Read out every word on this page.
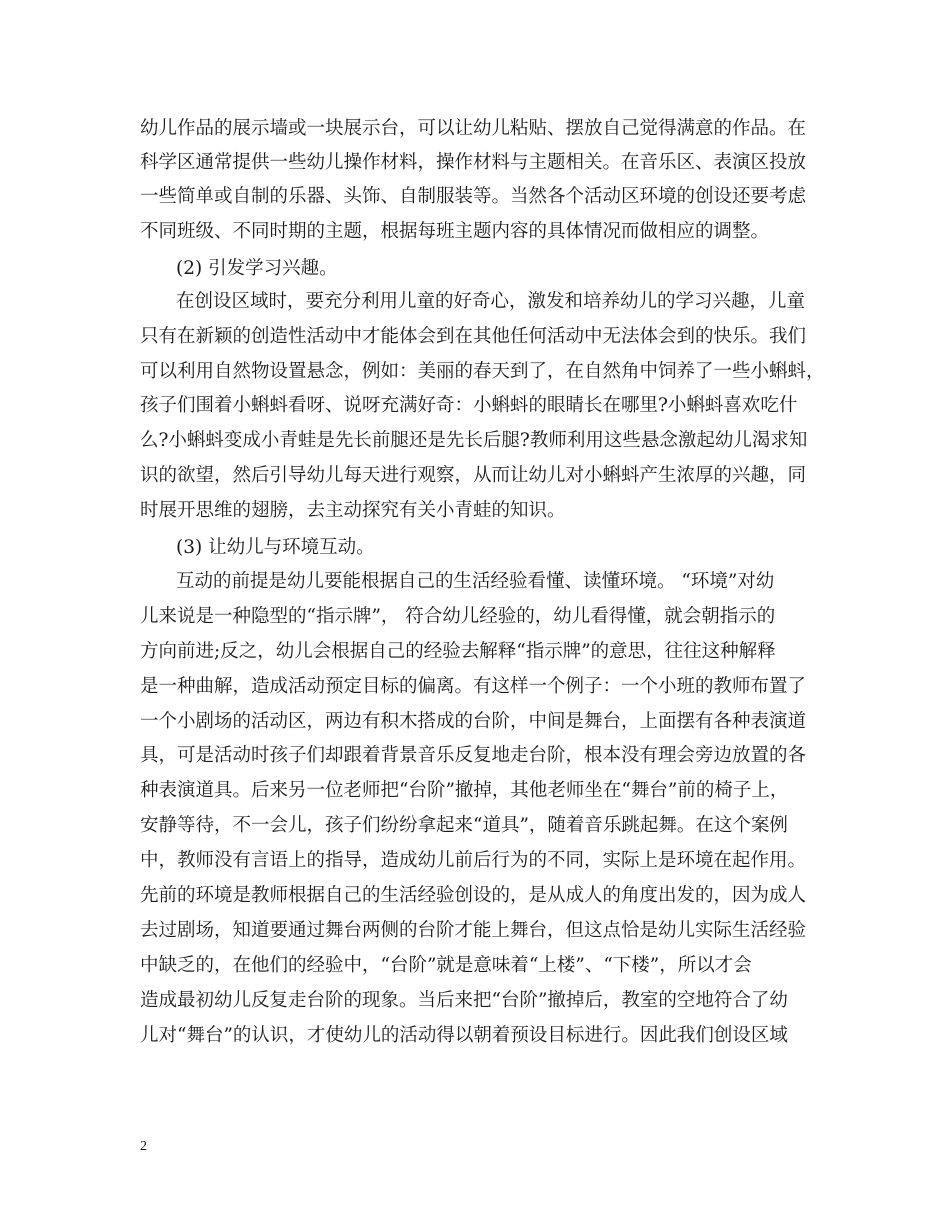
幼儿作品的展示墙或一块展示台，可以让幼儿粘贴、摆放自己觉得满意的作品。在
科学区通常提供一些幼儿操作材料，操作材料与主题相关。在音乐区、表演区投放
一些简单或自制的乐器、头饰、自制服装等。当然各个活动区环境的创设还要考虑
不同班级、不同时期的主题，根据每班主题内容的具体情况而做相应的调整。
(2) 引发学习兴趣。
在创设区域时，要充分利用儿童的好奇心，激发和培养幼儿的学习兴趣，儿童
只有在新颖的创造性活动中才能体会到在其他任何活动中无法体会到的快乐。我们
可以利用自然物设置悬念，例如：美丽的春天到了，在自然角中饲养了一些小蝌蚪，
孩子们围着小蝌蚪看呀、说呀充满好奇：小蝌蚪的眼睛长在哪里?小蝌蚪喜欢吃什
么?小蝌蚪变成小青蛙是先长前腿还是先长后腿?教师利用这些悬念激起幼儿渴求知
识的欲望，然后引导幼儿每天进行观察，从而让幼儿对小蝌蚪产生浓厚的兴趣，同
时展开思维的翅膀，去主动探究有关小青蛙的知识。
(3) 让幼儿与环境互动。
互动的前提是幼儿要能根据自己的生活经验看懂、读懂环境。 “环境”对幼
儿来说是一种隐型的“指示牌”， 符合幼儿经验的，幼儿看得懂，就会朝指示的
方向前进;反之，幼儿会根据自己的经验去解释“指示牌”的意思，往往这种解释
是一种曲解，造成活动预定目标的偏离。有这样一个例子：一个小班的教师布置了
一个小剧场的活动区，两边有积木搭成的台阶，中间是舞台，上面摆有各种表演道
具，可是活动时孩子们却跟着背景音乐反复地走台阶，根本没有理会旁边放置的各
种表演道具。后来另一位老师把“台阶”撤掉，其他老师坐在“舞台”前的椅子上，
安静等待，不一会儿，孩子们纷纷拿起来“道具”，随着音乐跳起舞。在这个案例
中，教师没有言语上的指导，造成幼儿前后行为的不同，实际上是环境在起作用。
先前的环境是教师根据自己的生活经验创设的，是从成人的角度出发的，因为成人
去过剧场，知道要通过舞台两侧的台阶才能上舞台，但这点恰是幼儿实际生活经验
中缺乏的，在他们的经验中，“台阶”就是意味着“上楼”、“下楼”，所以才会
造成最初幼儿反复走台阶的现象。当后来把“台阶”撤掉后，教室的空地符合了幼
儿对“舞台”的认识，才使幼儿的活动得以朝着预设目标进行。因此我们创设区域
2
